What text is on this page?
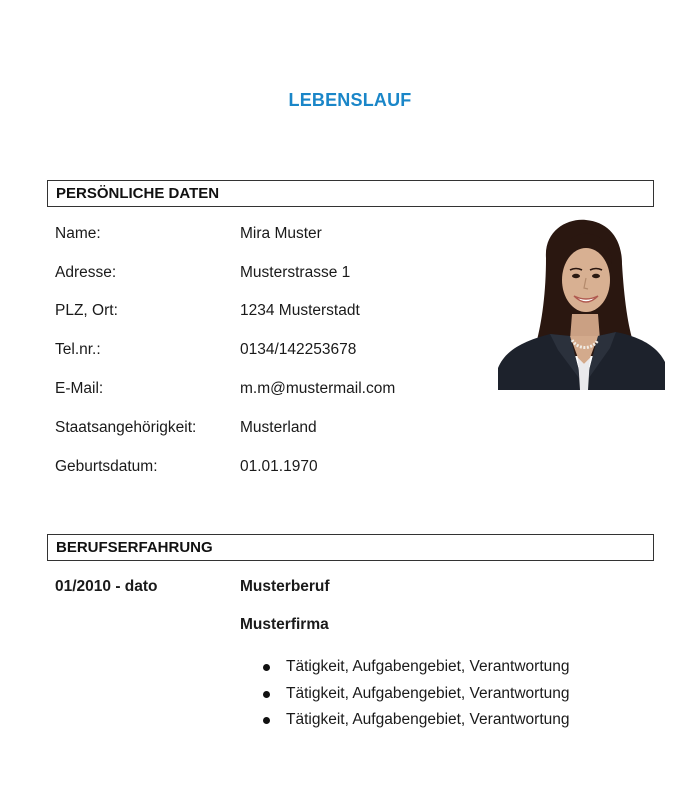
LEBENSLAUF
PERSÖNLICHE DATEN
Name:	Mira Muster
Adresse:	Musterstrasse 1
PLZ, Ort:	1234 Musterstadt
Tel.nr.:	0134/142253678
E-Mail:	m.m@mustermail.com
Staatsangehörigkeit:	Musterland
Geburtsdatum:	01.01.1970
BERUFSERFAHRUNG
01/2010 - dato	Musterberuf
Musterfirma
Tätigkeit, Aufgabengebiet, Verantwortung
Tätigkeit, Aufgabengebiet, Verantwortung
Tätigkeit, Aufgabengebiet, Verantwortung
